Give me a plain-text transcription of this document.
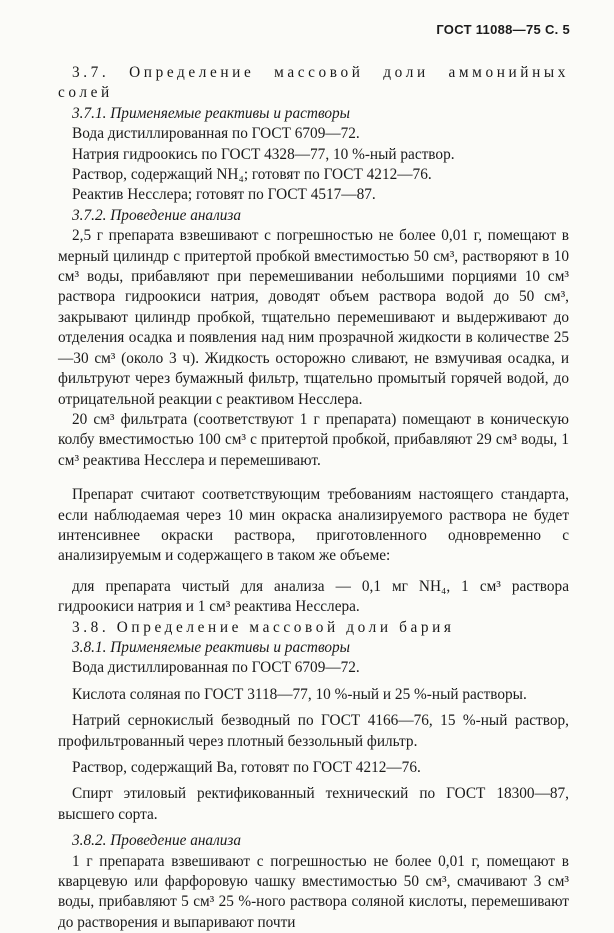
ГОСТ 11088—75 С. 5

3.7. Определение массовой доли аммонийных солей

3.7.1. Применяемые реактивы и растворы

Вода дистиллированная по ГОСТ 6709—72.

Натрия гидроокись по ГОСТ 4328—77, 10 %-ный раствор.

Раствор, содержащий NH₄; готовят по ГОСТ 4212—76.

Реактив Несслера; готовят по ГОСТ 4517—87.

3.7.2. Проведение анализа

2,5 г препарата взвешивают с погрешностью не более 0,01 г, помещают в мерный цилиндр с притертой пробкой вместимостью 50 см³, растворяют в 10 см³ воды, прибавляют при перемешивании небольшими порциями 10 см³ раствора гидроокиси натрия, доводят объем раствора водой до 50 см³, закрывают цилиндр пробкой, тщательно перемешивают и выдерживают до отделения осадка и появления над ним прозрачной жидкости в количестве 25—30 см³ (около 3 ч). Жидкость осторожно сливают, не взмучивая осадка, и фильтруют через бумажный фильтр, тщательно промытый горячей водой, до отрицательной реакции с реактивом Несслера.

20 см³ фильтрата (соответствуют 1 г препарата) помещают в коническую колбу вместимостью 100 см³ с притертой пробкой, прибавляют 29 см³ воды, 1 см³ реактива Несслера и перемешивают.

Препарат считают соответствующим требованиям настоящего стандарта, если наблюдаемая через 10 мин окраска анализируемого раствора не будет интенсивнее окраски раствора, приготовленного одновременно с анализируемым и содержащего в таком же объеме:

для препарата чистый для анализа — 0,1 мг NH₄, 1 см³ раствора гидроокиси натрия и 1 см³ реактива Несслера.

3.8. Определение массовой доли бария

3.8.1. Применяемые реактивы и растворы

Вода дистиллированная по ГОСТ 6709—72.

Кислота соляная по ГОСТ 3118—77, 10 %-ный и 25 %-ный растворы.

Натрий сернокислый безводный по ГОСТ 4166—76, 15 %-ный раствор, профильтрованный через плотный беззольный фильтр.

Раствор, содержащий Ba, готовят по ГОСТ 4212—76.

Спирт этиловый ректификованный технический по ГОСТ 18300—87, высшего сорта.

3.8.2. Проведение анализа

1 г препарата взвешивают с погрешностью не более 0,01 г, помещают в кварцевую или фарфоровую чашку вместимостью 50 см³, смачивают 3 см³ воды, прибавляют 5 см³ 25 %-ного раствора соляной кислоты, перемешивают до растворения и выпаривают почти
